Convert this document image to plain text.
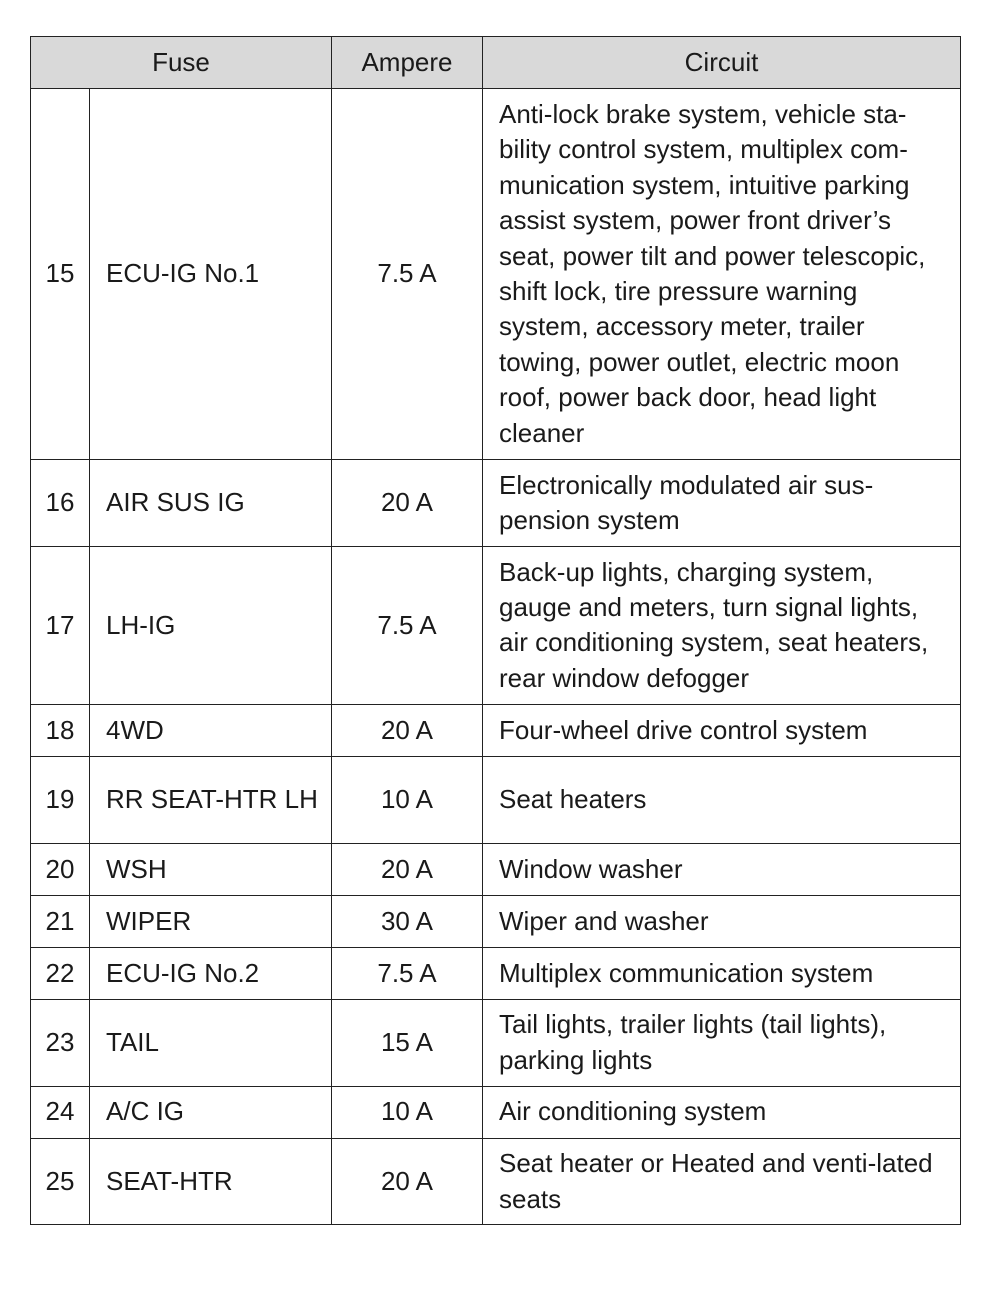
Fuse		Ampere	Circuit
15	ECU-IG No.1	7.5 A	Anti-lock brake system, vehicle sta-bility control system, multiplex com-munication system, intuitive parking assist system, power front driver’s seat, power tilt and power telescopic, shift lock, tire pressure warning system, accessory meter, trailer towing, power outlet, electric moon roof, power back door, head light cleaner
16	AIR SUS IG	20 A	Electronically modulated air sus-pension system
17	LH-IG	7.5 A	Back-up lights, charging system, gauge and meters, turn signal lights, air conditioning system, seat heaters, rear window defogger
18	4WD	20 A	Four-wheel drive control system
19	RR SEAT-HTR LH	10 A	Seat heaters
20	WSH	20 A	Window washer
21	WIPER	30 A	Wiper and washer
22	ECU-IG No.2	7.5 A	Multiplex communication system
23	TAIL	15 A	Tail lights, trailer lights (tail lights), parking lights
24	A/C IG	10 A	Air conditioning system
25	SEAT-HTR	20 A	Seat heater or Heated and venti-lated seats
